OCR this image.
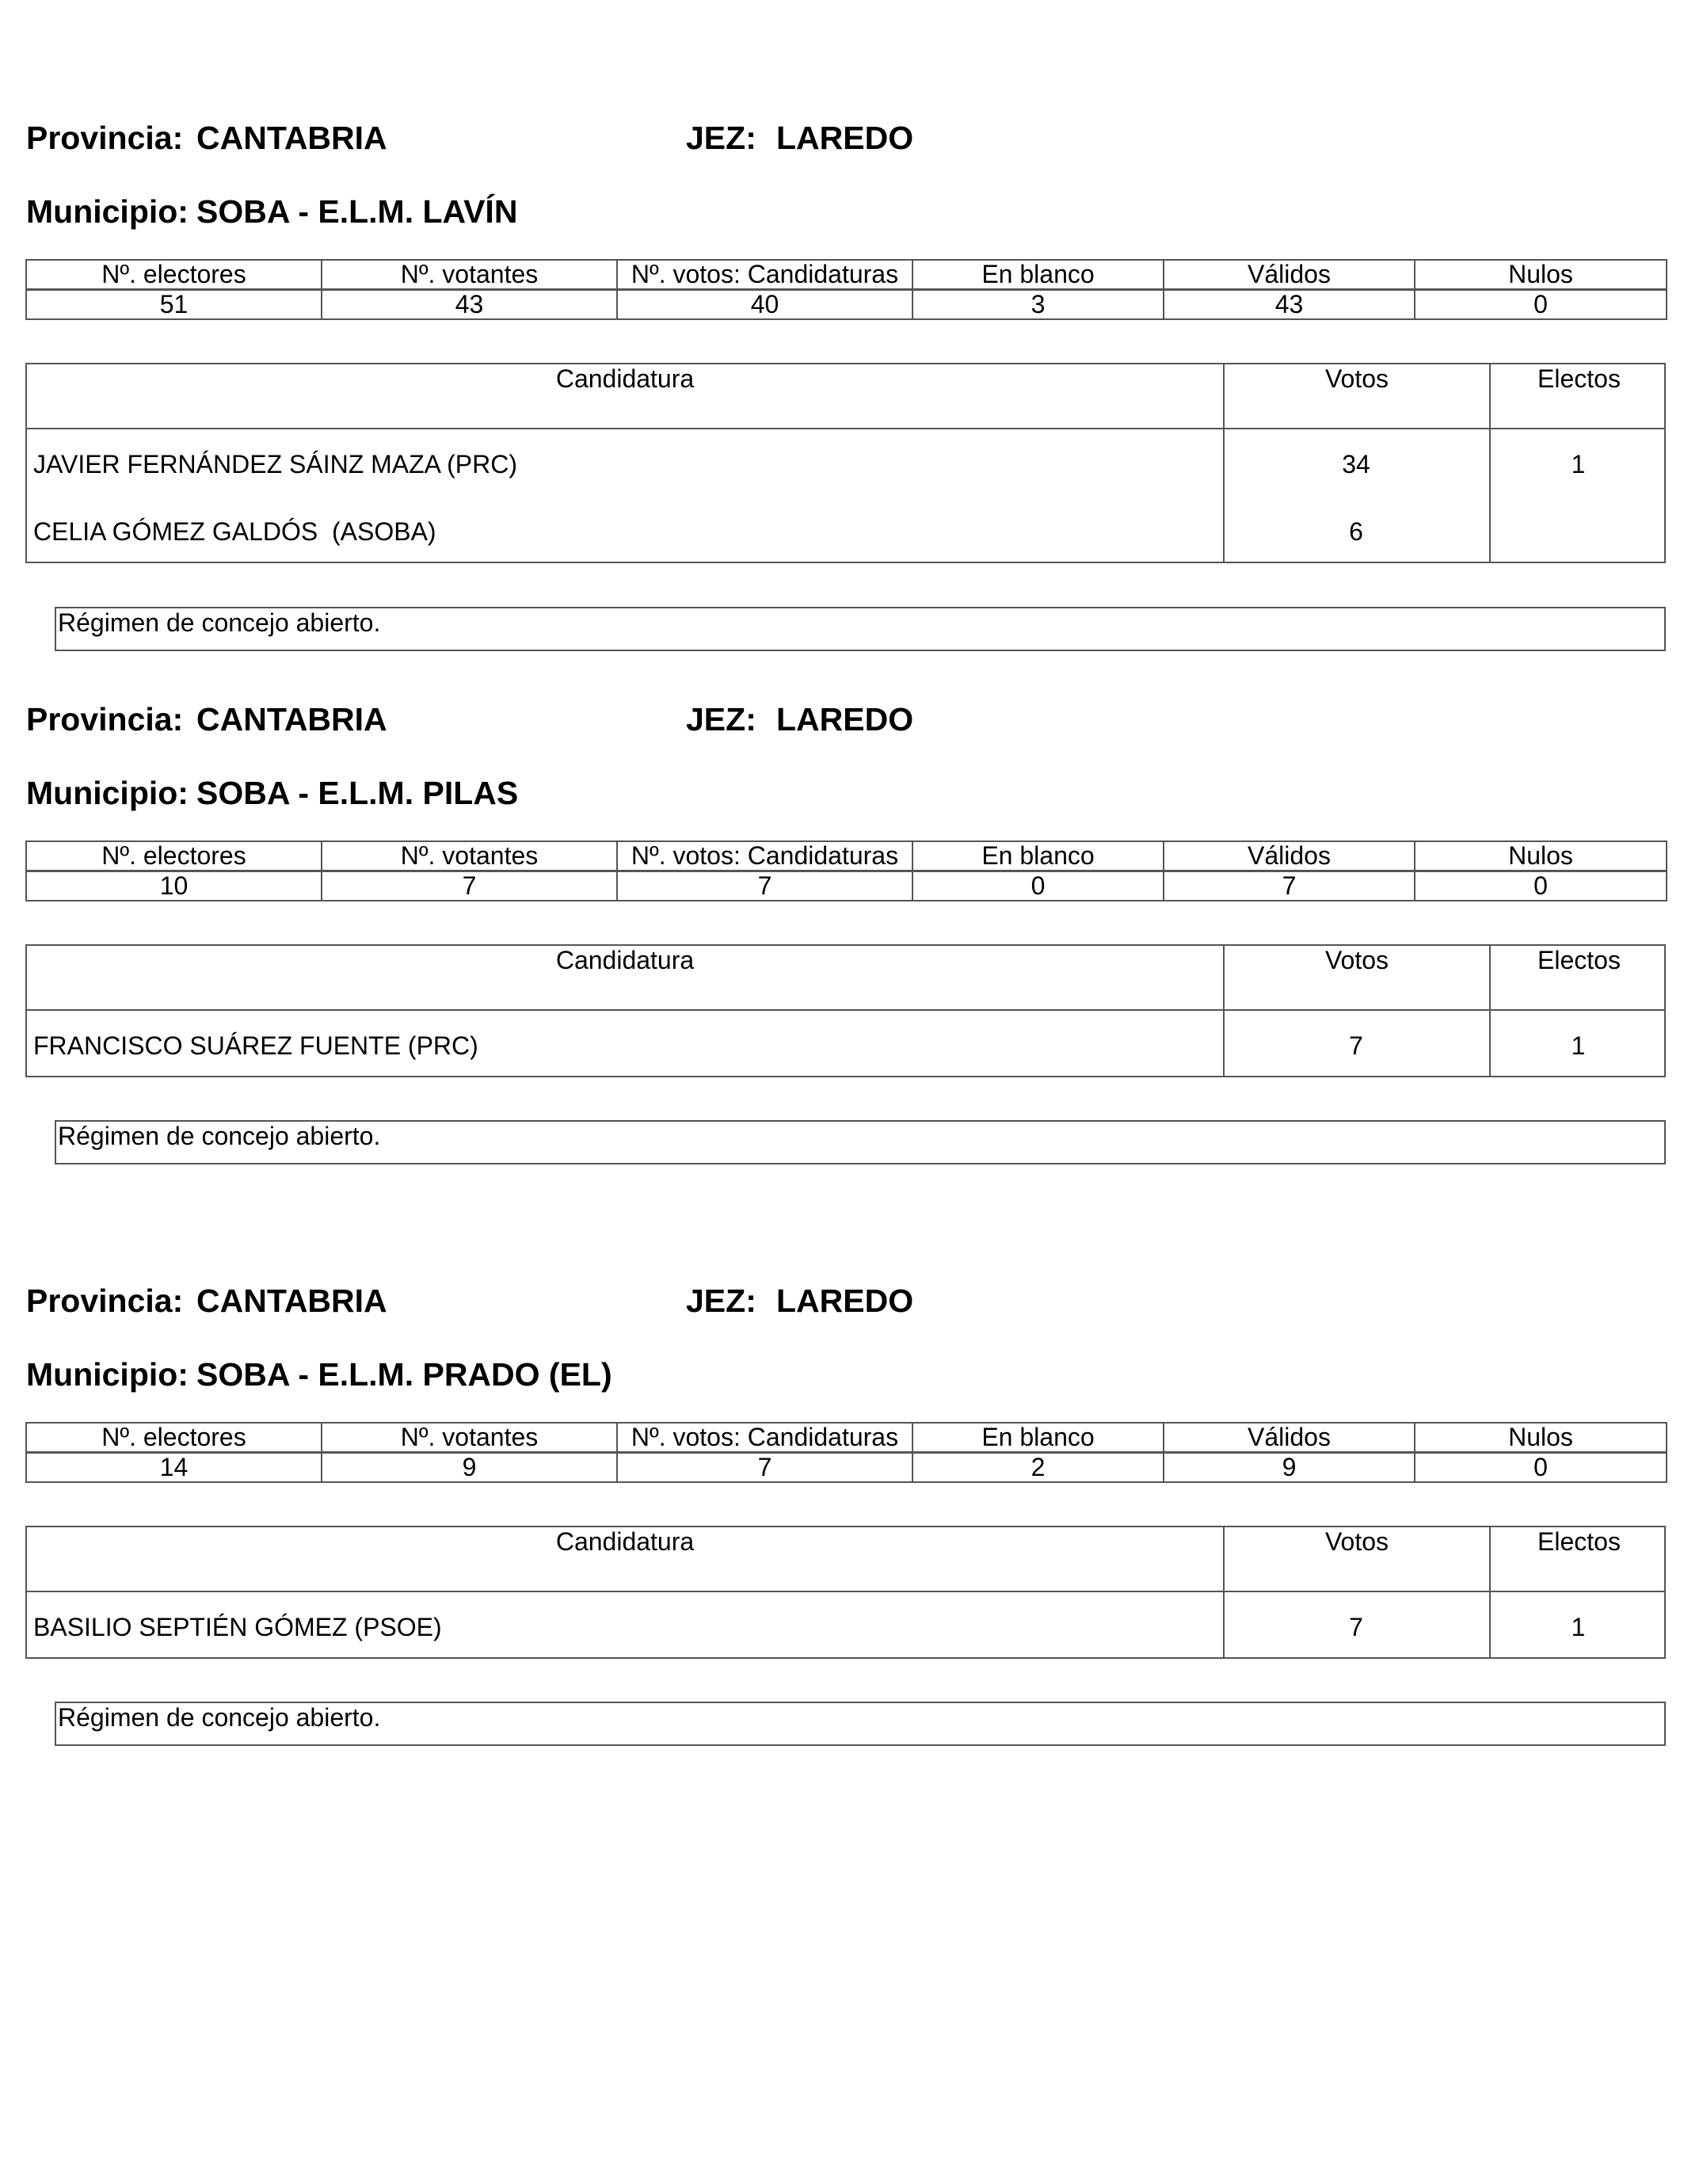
Provincia: CANTABRIA	JEZ: LAREDO
Municipio: SOBA - E.L.M. LAVÍN
Nº. electores	Nº. votantes	Nº. votos: Candidaturas	En blanco	Válidos	Nulos
51	43	40	3	43	0
Candidatura	Votos	Electos
JAVIER FERNÁNDEZ SÁINZ MAZA (PRC)	34	1
CELIA GÓMEZ GALDÓS  (ASOBA)	6
Régimen de concejo abierto.
Provincia: CANTABRIA	JEZ: LAREDO
Municipio: SOBA - E.L.M. PILAS
Nº. electores	Nº. votantes	Nº. votos: Candidaturas	En blanco	Válidos	Nulos
10	7	7	0	7	0
Candidatura	Votos	Electos
FRANCISCO SUÁREZ FUENTE (PRC)	7	1
Régimen de concejo abierto.
Provincia: CANTABRIA	JEZ: LAREDO
Municipio: SOBA - E.L.M. PRADO (EL)
Nº. electores	Nº. votantes	Nº. votos: Candidaturas	En blanco	Válidos	Nulos
14	9	7	2	9	0
Candidatura	Votos	Electos
BASILIO SEPTIÉN GÓMEZ (PSOE)	7	1
Régimen de concejo abierto.
